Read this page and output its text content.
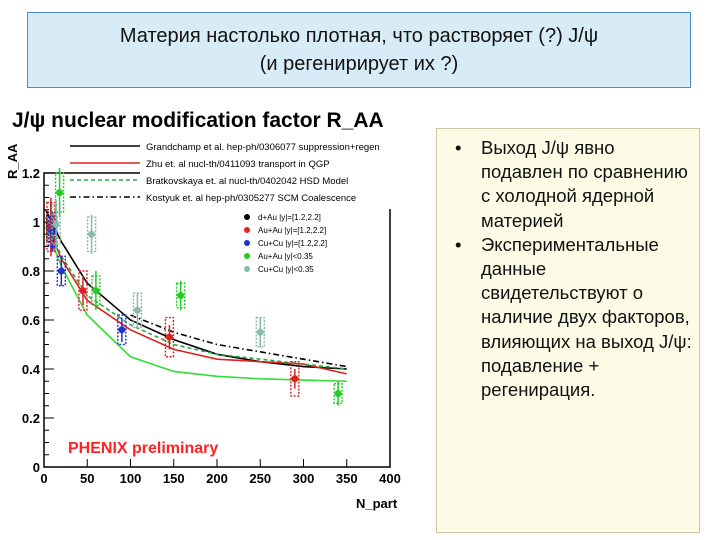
Материя настолько плотная, что растворяет (?) J/ψ
(и регенирирует их ?)
J/ψ nuclear modification factor R_AA
R_AA
N_part
0 50 100 150 200 250 300 350 400
0
0.2
0.4
0.6
0.8
1
1.2
Grandchamp et al. hep-ph/0306077 suppression+regen
Zhu et. al nucl-th/0411093 transport in QGP
Bratkovskaya et. al nucl-th/0402042 HSD Model
Kostyuk et. al hep-ph/0305277 SCM Coalescence
d+Au |y|=[1.2,2.2]
Au+Au |y|=[1.2,2.2]
Cu+Cu |y|=[1.2,2.2]
Au+Au |y|<0.35
Cu+Cu |y|<0.35
PHENIX preliminary
• Выход J/ψ явно подавлен по сравнению с холодной ядерной материей
• Экспериментальные данные свидетельствуют о наличие двух факторов, влияющих на выход J/ψ: подавление + регенирация.
